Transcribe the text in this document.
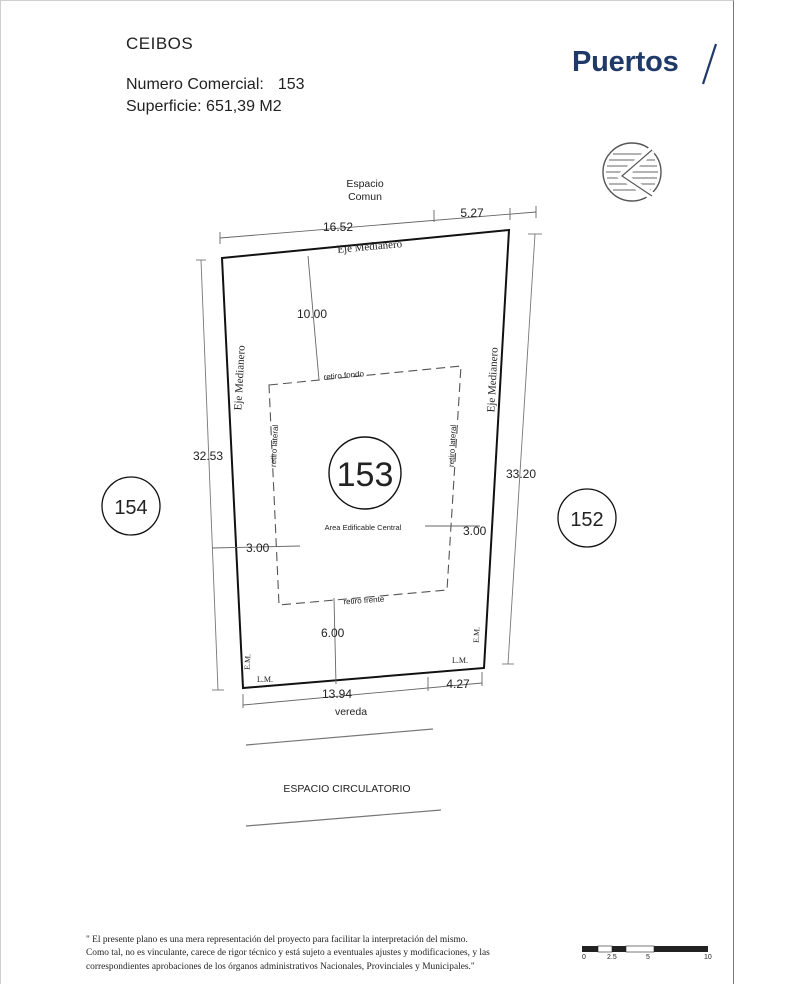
CEIBOS
Numero Comercial: 153
Superficie: 651,39 M2
Puertos
Espacio
Comun
16.52
5.27
32.53
33.20
Eje Medianero
Eje Medianero	Eje Medianero
retiro fondo
retiro lateral	retiro lateral
retiro frente
10.00
3.00
3.00
6.00
153
Area Edificable Central
154
152
E.M.
E.M.
L.M.
L.M.
13.94
4.27
vereda
ESPACIO CIRCULATORIO
" El presente plano es una mera representación del proyecto para facilitar la interpretación del mismo.
Como tal, no es vinculante, carece de rigor técnico y está sujeto a eventuales ajustes y modificaciones, y las
correspondientes aprobaciones de los órganos administrativos Nacionales, Provinciales y Municipales."
0	2.5	5	10
